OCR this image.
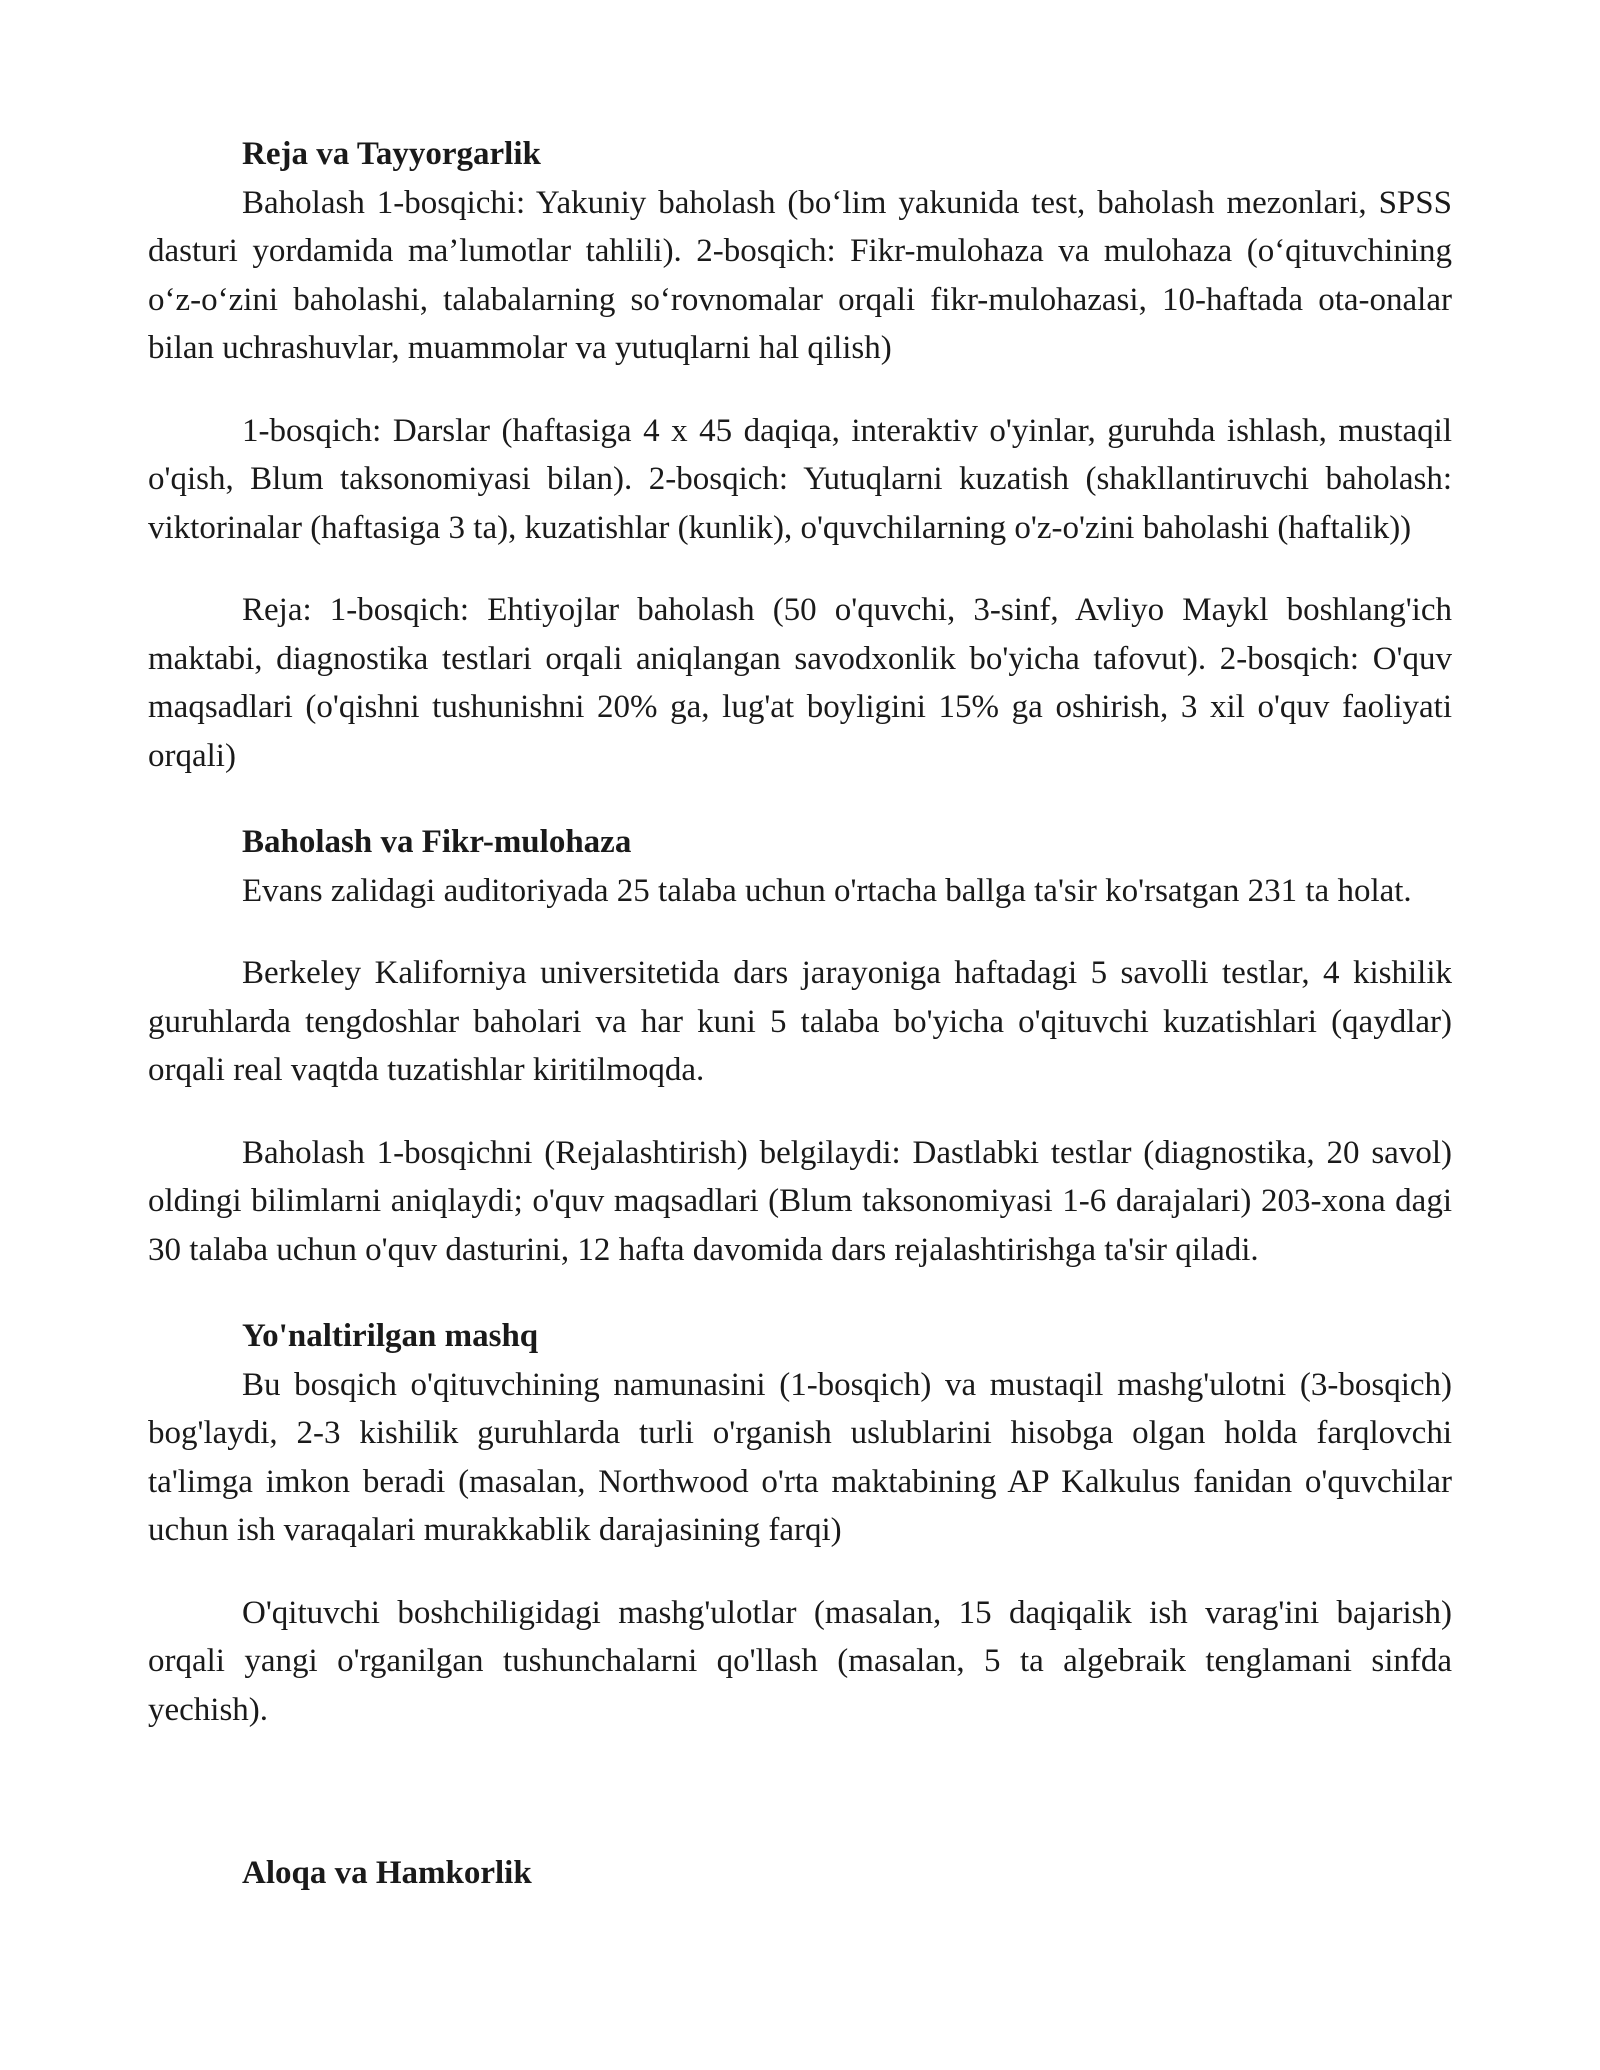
Reja va Tayyorgarlik

Baholash 1-bosqichi: Yakuniy baholash (bo‘lim yakunida test, baholash mezonlari, SPSS dasturi yordamida ma’lumotlar tahlili). 2-bosqich: Fikr-mulohaza va mulohaza (o‘qituvchining o‘z-o‘zini baholashi, talabalarning so‘rovnomalar orqali fikr-mulohazasi, 10-haftada ota-onalar bilan uchrashuvlar, muammolar va yutuqlarni hal qilish)

1-bosqich: Darslar (haftasiga 4 x 45 daqiqa, interaktiv o'yinlar, guruhda ishlash, mustaqil o'qish, Blum taksonomiyasi bilan). 2-bosqich: Yutuqlarni kuzatish (shakllantiruvchi baholash: viktorinalar (haftasiga 3 ta), kuzatishlar (kunlik), o'quvchilarning o'z-o'zini baholashi (haftalik))

Reja: 1-bosqich: Ehtiyojlar baholash (50 o'quvchi, 3-sinf, Avliyo Maykl boshlang'ich maktabi, diagnostika testlari orqali aniqlangan savodxonlik bo'yicha tafovut). 2-bosqich: O'quv maqsadlari (o'qishni tushunishni 20% ga, lug'at boyligini 15% ga oshirish, 3 xil o'quv faoliyati orqali)

Baholash va Fikr-mulohaza

Evans zalidagi auditoriyada 25 talaba uchun o'rtacha ballga ta'sir ko'rsatgan 231 ta holat.

Berkeley Kaliforniya universitetida dars jarayoniga haftadagi 5 savolli testlar, 4 kishilik guruhlarda tengdoshlar baholari va har kuni 5 talaba bo'yicha o'qituvchi kuzatishlari (qaydlar) orqali real vaqtda tuzatishlar kiritilmoqda.

Baholash 1-bosqichni (Rejalashtirish) belgilaydi: Dastlabki testlar (diagnostika, 20 savol) oldingi bilimlarni aniqlaydi; o'quv maqsadlari (Blum taksonomiyasi 1-6 darajalari) 203-xona dagi 30 talaba uchun o'quv dasturini, 12 hafta davomida dars rejalashtirishga ta'sir qiladi.

Yo'naltirilgan mashq

Bu bosqich o'qituvchining namunasini (1-bosqich) va mustaqil mashg'ulotni (3-bosqich) bog'laydi, 2-3 kishilik guruhlarda turli o'rganish uslublarini hisobga olgan holda farqlovchi ta'limga imkon beradi (masalan, Northwood o'rta maktabining AP Kalkulus fanidan o'quvchilar uchun ish varaqalari murakkablik darajasining farqi)

O'qituvchi boshchiligidagi mashg'ulotlar (masalan, 15 daqiqalik ish varag'ini bajarish) orqali yangi o'rganilgan tushunchalarni qo'llash (masalan, 5 ta algebraik tenglamani sinfda yechish).

Aloqa va Hamkorlik
